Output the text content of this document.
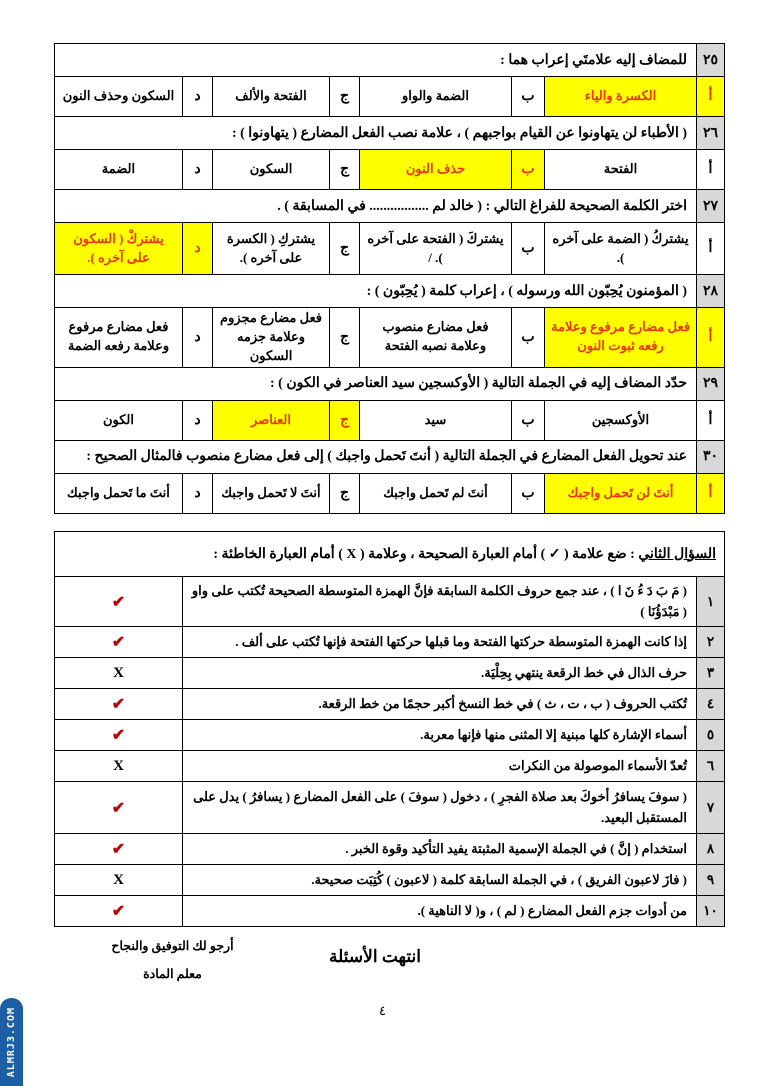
٢٥	للمضاف إليه علامتَي إعراب هما :						
أ	الكسرة والياء	ب	الضمة والواو	ج	الفتحة والألف	د	السكون وحذف النون
٢٦	( الأطباء لن يتهاونوا عن القيام بواجبهم ) ، علامة نصب الفعل المضارع ( يتهاونوا ) :						
أ	الفتحة	ب	حذف النون	ج	السكون	د	الضمة
٢٧	اختر الكلمة الصحيحة للفراغ التالي : ( خالد لم ................. في المسابقة ) .						
أ	يشتركُ ( الضمة على آخره ).	ب	يشتركَ ( الفتحة على آخره ). /	ج	يشتركِ ( الكسرة على آخره ).	د	يشتركْ ( السكون على آخره ).
٢٨	( المؤمنون يُحِبّون الله ورسوله ) ، إعراب كلمة ( يُحِبّون ) :						
أ	فعل مضارع مرفوع وعلامة رفعه ثبوت النون	ب	فعل مضارع منصوب وعلامة نصبه الفتحة	ج	فعل مضارع مجزوم وعلامة جزمه السكون	د	فعل مضارع مرفوع وعلامة رفعه الضمة
٢٩	حدّد المضاف إليه في الجملة التالية ( الأوكسجين سيد العناصر في الكون ) :						
أ	الأوكسجين	ب	سيد	ج	العناصر	د	الكون
٣٠	عند تحويل الفعل المضارع في الجملة التالية ( أنتَ تَحمل واجبك ) إلى فعل مضارع منصوب فالمثال الصحيح :						
أ	أنتَ لن تَحمل واجبك	ب	أنتَ لم تَحمل واجبك	ج	أنتَ لا تَحمل واجبك	د	أنتَ ما تَحمل واجبك
السؤال الثاني : ضع علامة ( ✓ ) أمام العبارة الصحيحة ، وعلامة ( X ) أمام العبارة الخاطئة :		
١	( مَ بَ دَ ءُ نَ ا ) ، عند جمع حروف الكلمة السابقة فإنَّ الهمزة المتوسطة الصحيحة تُكتب على واو ( مَبْدَؤُنَا )	✔
٢	إذا كانت الهمزة المتوسطة حركتها الفتحة وما قبلها حركتها الفتحة فإنها تُكتب على ألف .	✔
٣	حرف الذال في خط الرقعة ينتهي بِحِلْيَة.	X
٤	تُكتب الحروف ( ب ، ت ، ث ) في خط النسخ أكبر حجمًا من خط الرقعة.	✔
٥	أسماء الإشارة كلها مبنية إلا المثنى منها فإنها معربة.	✔
٦	تُعدّ الأسماء الموصولة من النكرات	X
٧	( سوفَ يسافرُ أخوكَ بعد صلاة الفجرِ ) ، دخول ( سوفَ ) على الفعل المضارع ( يسافرُ ) يدل على المستقبل البعيد.	✔
٨	استخدام ( إنَّ ) في الجملة الإسمية المثبتة يفيد التأكيد وقوة الخبر .	✔
٩	( فازَ لاعبون الفريق ) ، في الجملة السابقة كلمة ( لاعبون ) كُتِبَت صحيحة.	X
١٠	من أدوات جزم الفعل المضارع ( لم ) ، و( لا الناهية ).	✔
انتهت الأسئلة
أرجو لك التوفيق والنجاح
معلم المادة
٤
ALMRJ3.COM
